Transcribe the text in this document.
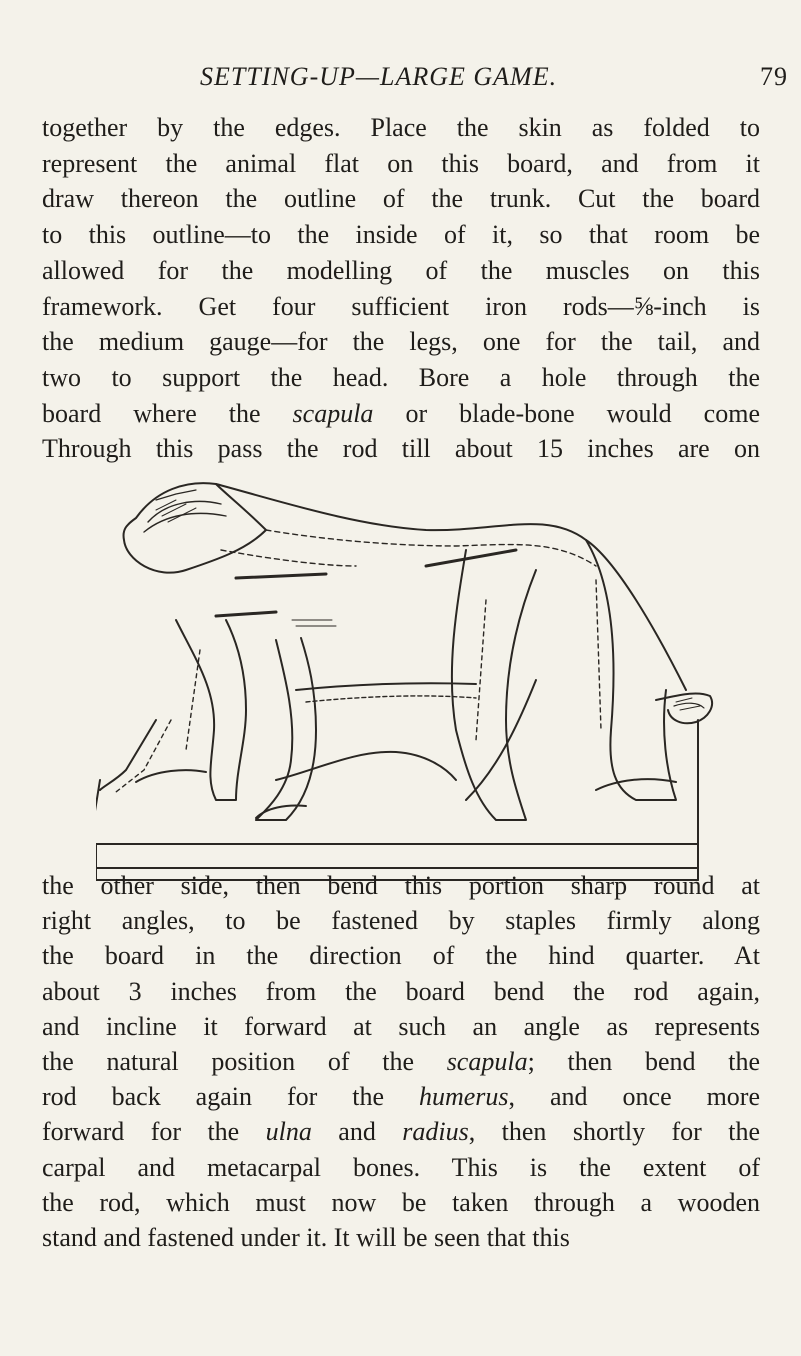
SETTING-UP—LARGE GAME.	79
together by the edges. Place the skin as folded to
represent the animal flat on this board, and from it
draw thereon the outline of the trunk. Cut the board
to this outline—to the inside of it, so that room be
allowed for the modelling of the muscles on this
framework. Get four sufficient iron rods—⅝-inch is
the medium gauge—for the legs, one for the tail, and
two to support the head. Bore a hole through the
board where the scapula or blade-bone would come
Through this pass the rod till about 15 inches are on
the other side, then bend this portion sharp round at
right angles, to be fastened by staples firmly along
the board in the direction of the hind quarter. At
about 3 inches from the board bend the rod again,
and incline it forward at such an angle as represents
the natural position of the scapula; then bend the
rod back again for the humerus, and once more
forward for the ulna and radius, then shortly for the
carpal and metacarpal bones. This is the extent of
the rod, which must now be taken through a wooden
stand and fastened under it. It will be seen that this
